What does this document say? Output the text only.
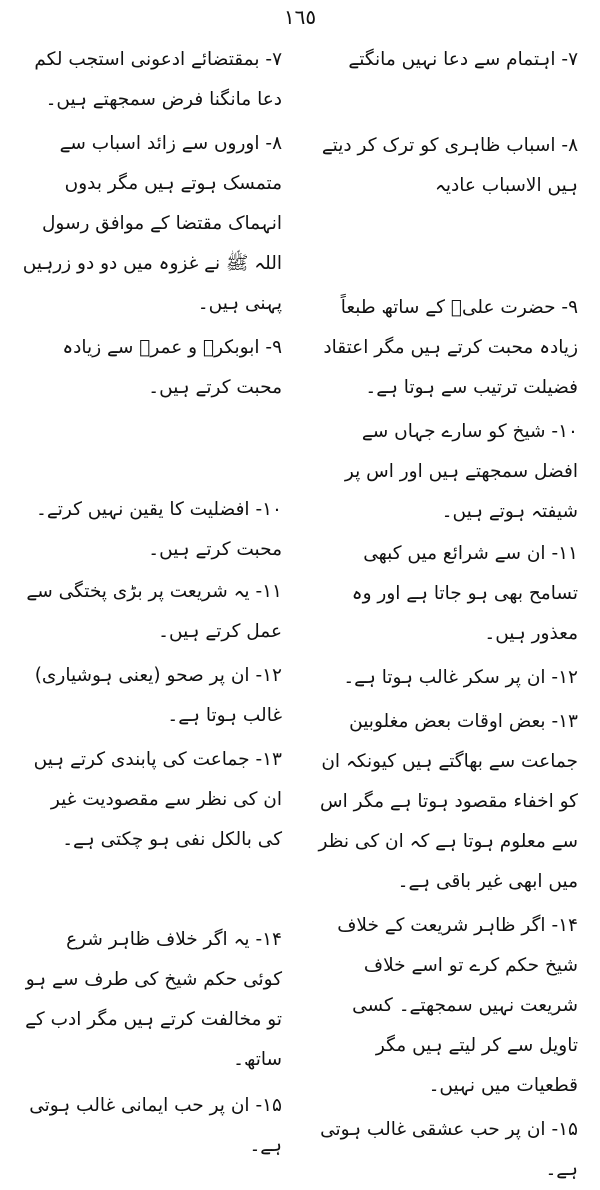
١٦٥

۷- بمقتضائے ادعونی استجب لکم دعا مانگنا فرض سمجھتے ہیں۔

۸- اوروں سے زائد اسباب سے متمسک ہوتے ہیں مگر بدوں انہماک مقتضا کے موافق رسول اللہ ﷺ نے غزوہ میں دو دو زرہیں پہنی ہیں۔

۹- ابوبکرؓ و عمرؓ سے زیادہ محبت کرتے ہیں۔

۱۰- افضلیت کا یقین نہیں کرتے۔ محبت کرتے ہیں۔

۱۱- یہ شریعت پر بڑی پختگی سے عمل کرتے ہیں۔

۱۲- ان پر صحو (یعنی ہوشیاری) غالب ہوتا ہے۔

۱۳- جماعت کی پابندی کرتے ہیں ان کی نظر سے مقصودیت غیر کی بالکل نفی ہو چکتی ہے۔

۱۴- یہ اگر خلاف ظاہر شرع کوئی حکم شیخ کی طرف سے ہو تو مخالفت کرتے ہیں مگر ادب کے ساتھ۔

۱۵- ان پر حب ایمانی غالب ہوتی ہے۔

۷- اہتمام سے دعا نہیں مانگتے

۸- اسباب ظاہری کو ترک کر دیتے ہیں الاسباب عادیہ

۹- حضرت علیؓ کے ساتھ طبعاً زیادہ محبت کرتے ہیں مگر اعتقاد فضیلت ترتیب سے ہوتا ہے۔

۱۰- شیخ کو سارے جہاں سے افضل سمجھتے ہیں اور اس پر شیفتہ ہوتے ہیں۔

۱۱- ان سے شرائع میں کبھی تسامح بھی ہو جاتا ہے اور وہ معذور ہیں۔

۱۲- ان پر سکر غالب ہوتا ہے۔

۱۳- بعض اوقات بعض مغلوبین جماعت سے بھاگتے ہیں کیونکہ ان کو اخفاء مقصود ہوتا ہے مگر اس سے معلوم ہوتا ہے کہ ان کی نظر میں ابھی غیر باقی ہے۔

۱۴- اگر ظاہر شریعت کے خلاف شیخ حکم کرے تو اسے خلاف شریعت نہیں سمجھتے۔ کسی تاویل سے کر لیتے ہیں مگر قطعیات میں نہیں۔

۱۵- ان پر حب عشقی غالب ہوتی ہے۔
